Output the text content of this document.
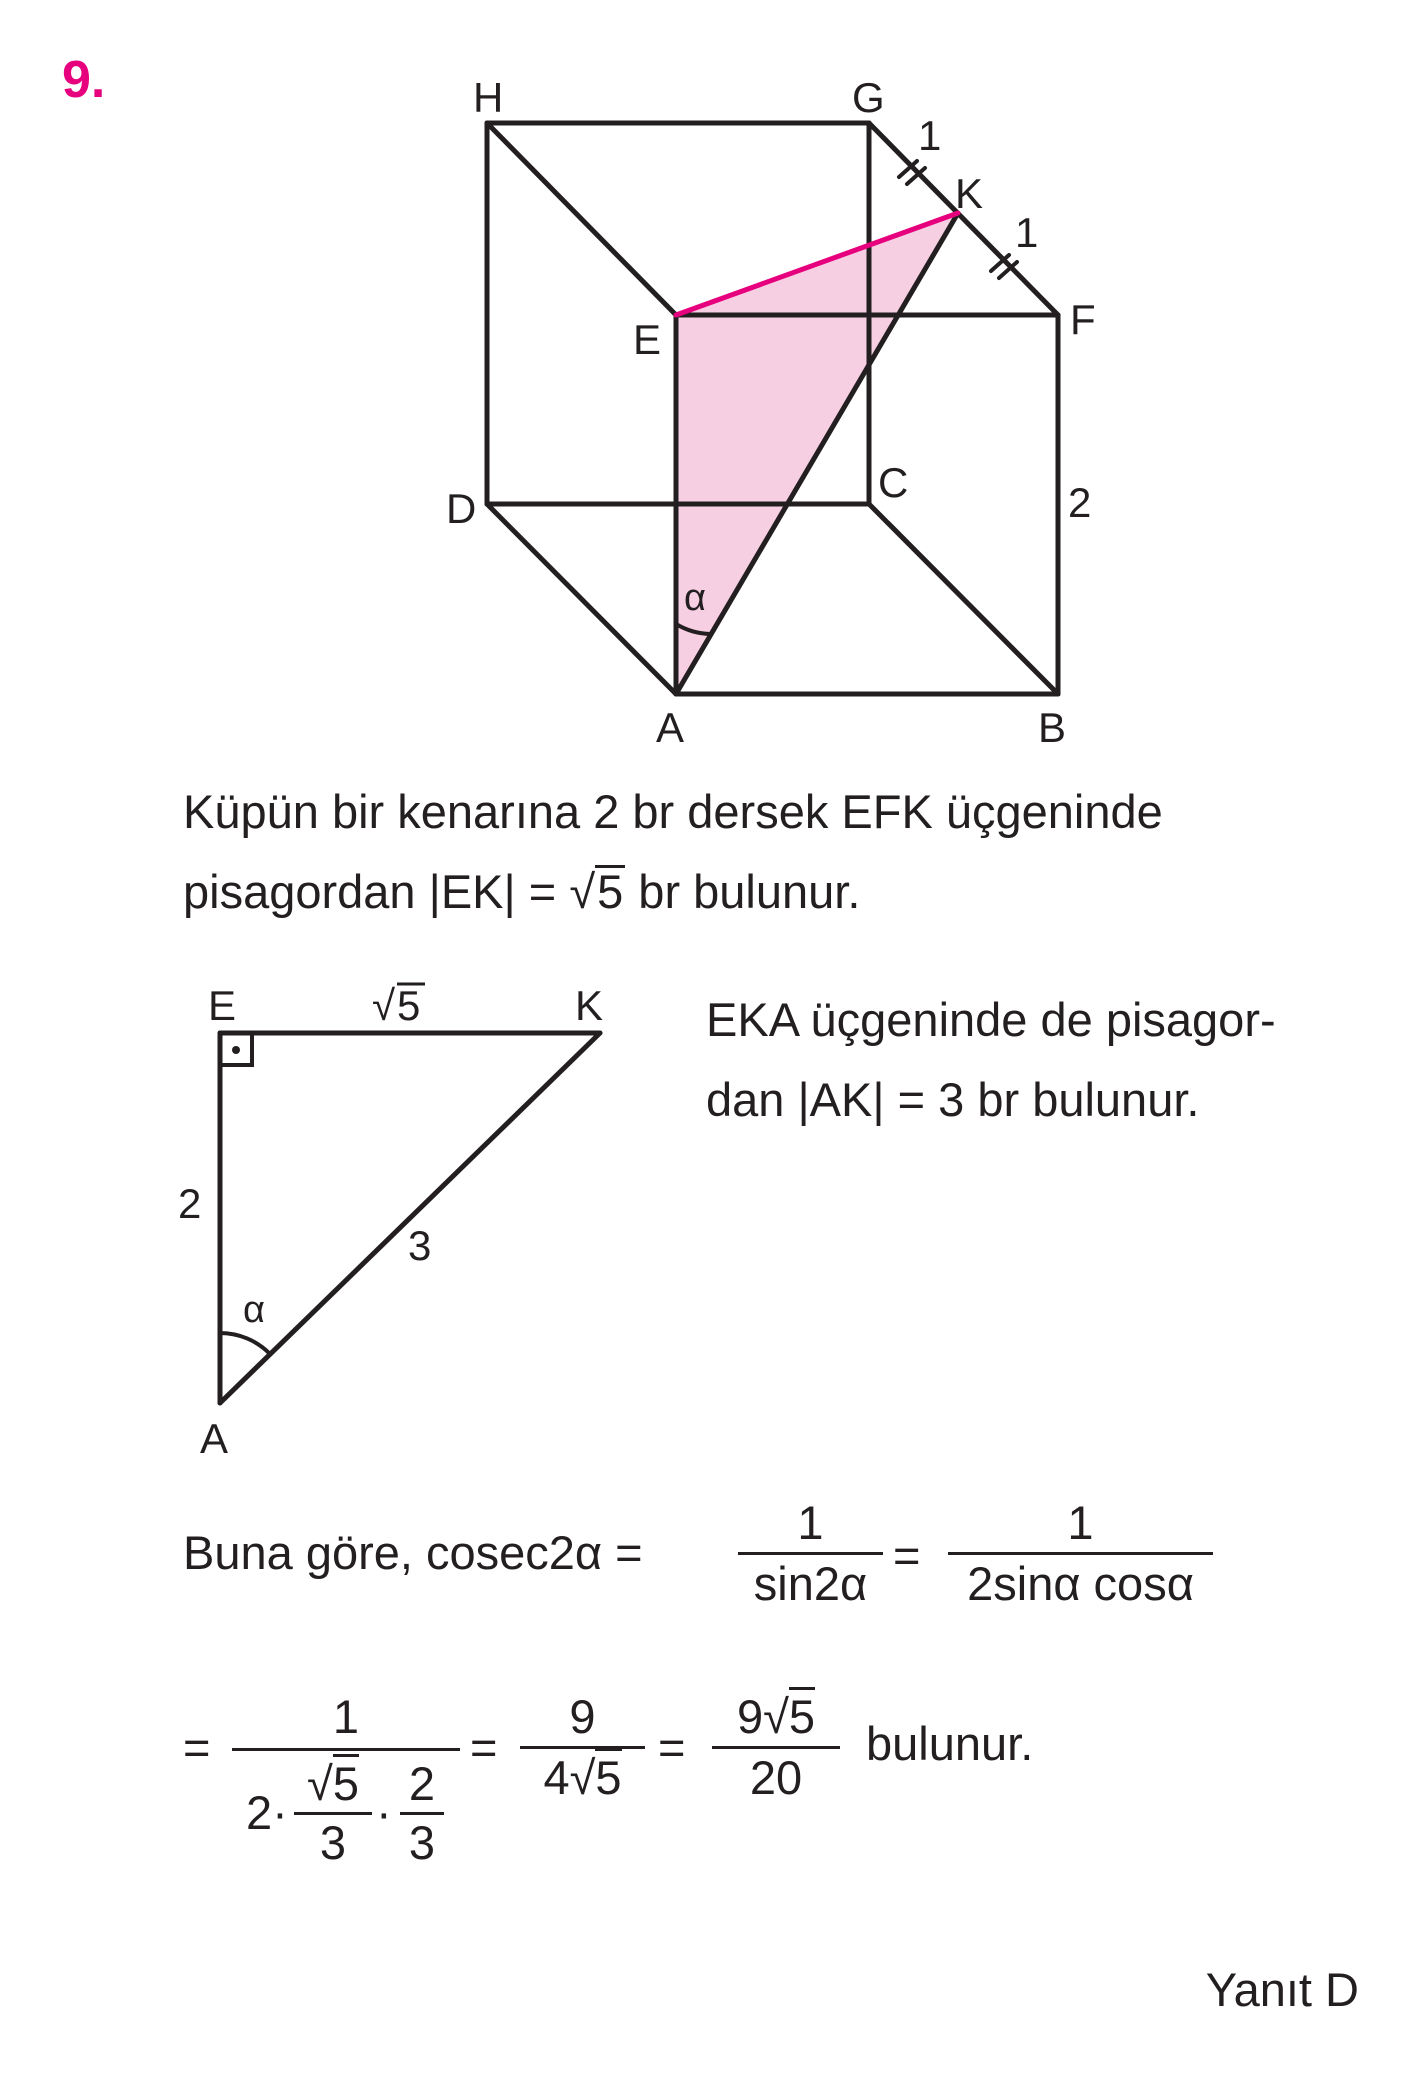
9.	H	G
K
E	F
D
C
A	B
1
1
2
α
Küpün bir kenarına 2 br dersek EFK üçgeninde
pisagordan |EK| = √5 br bulunur.
E	K
A
2
3
α
√ 5	EKA üçgeninde de pisagor-
dan |AK| = 3 br bulunur.
Buna göre, cosec2α =
1
sin2α
=
1
2sinα cosα
=
1
2·
√5
3
·
2
3
=
9
4√5
=
9√5
20
bulunur.
Yanıt D
